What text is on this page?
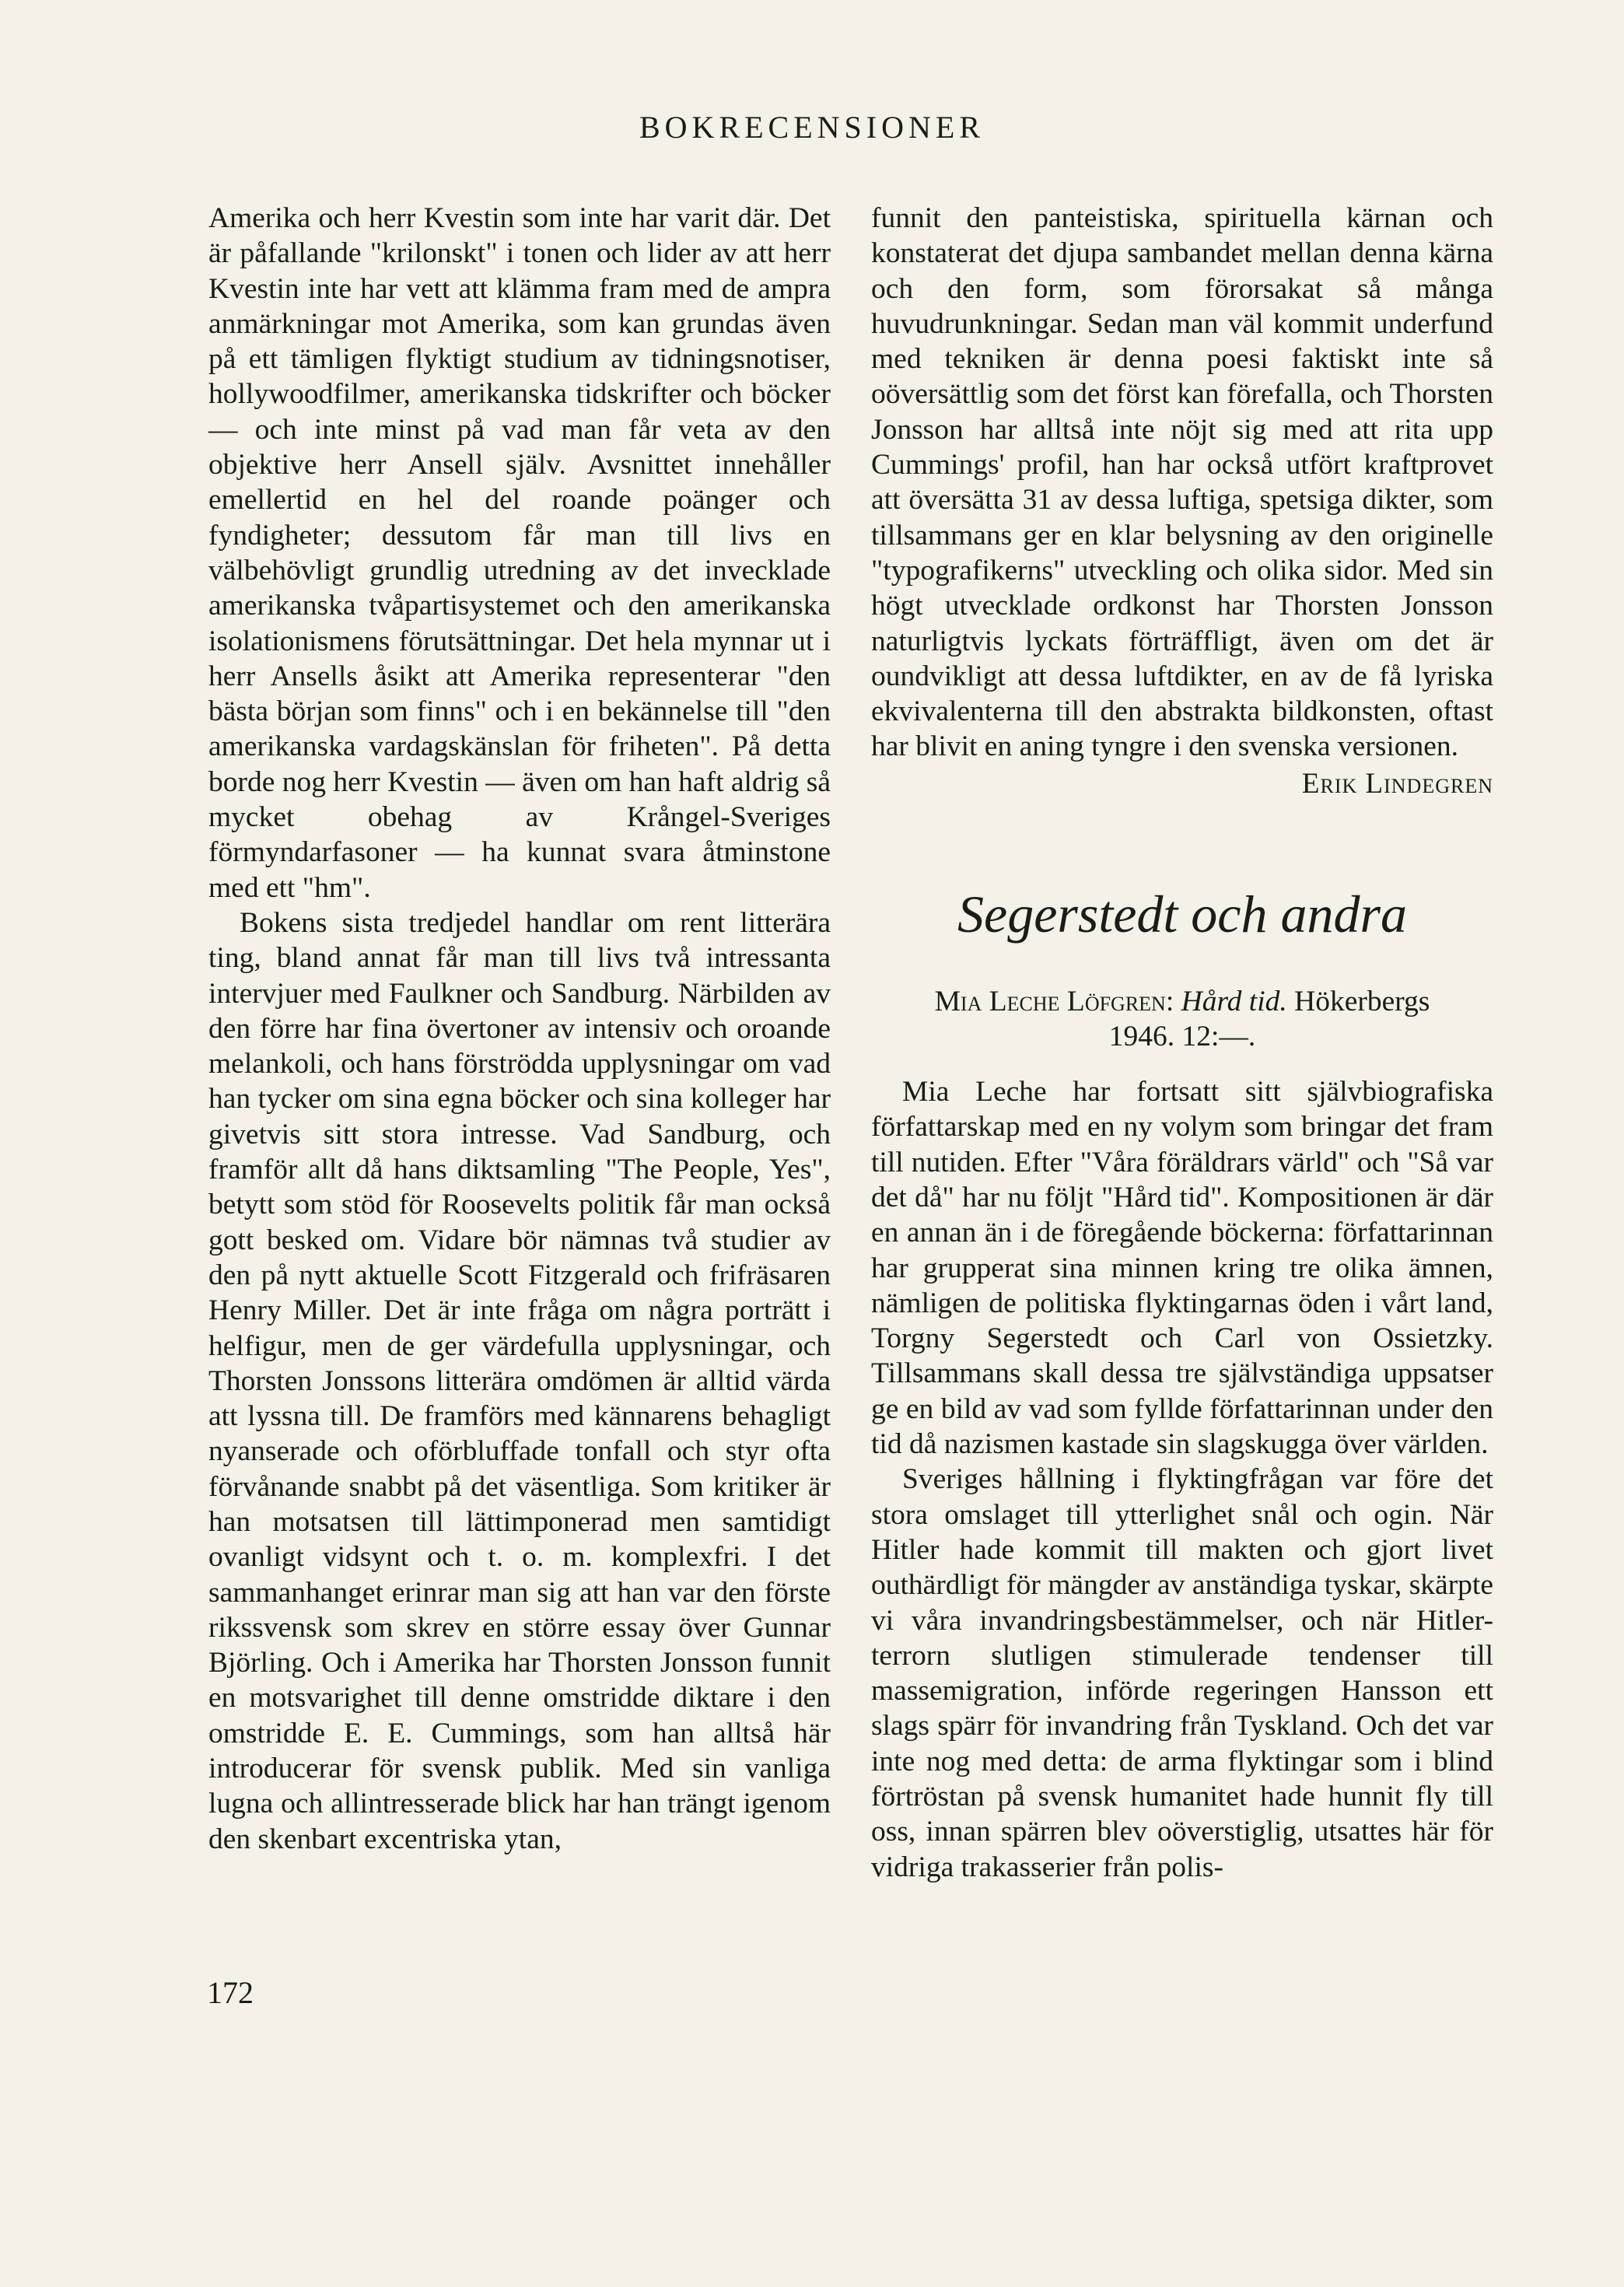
BOKRECENSIONER

Amerika och herr Kvestin som inte har varit där. Det är påfallande "krilonskt" i tonen och lider av att herr Kvestin inte har vett att klämma fram med de ampra anmärkningar mot Amerika, som kan grundas även på ett tämligen flyktigt studium av tidningsnotiser, hollywoodfilmer, amerikanska tidskrifter och böcker — och inte minst på vad man får veta av den objektive herr Ansell själv. Avsnittet innehåller emellertid en hel del roande poänger och fyndigheter; dessutom får man till livs en välbehövligt grundlig utredning av det invecklade amerikanska tvåpartisystemet och den amerikanska isolationismens förutsättningar. Det hela mynnar ut i herr Ansells åsikt att Amerika representerar "den bästa början som finns" och i en bekännelse till "den amerikanska vardagskänslan för friheten". På detta borde nog herr Kvestin — även om han haft aldrig så mycket obehag av Krångel-Sveriges förmyndarfasoner — ha kunnat svara åtminstone med ett "hm".

Bokens sista tredjedel handlar om rent litterära ting, bland annat får man till livs två intressanta intervjuer med Faulkner och Sandburg. Närbilden av den förre har fina övertoner av intensiv och oroande melankoli, och hans förströdda upplysningar om vad han tycker om sina egna böcker och sina kolleger har givetvis sitt stora intresse. Vad Sandburg, och framför allt då hans diktsamling "The People, Yes", betytt som stöd för Roosevelts politik får man också gott besked om. Vidare bör nämnas två studier av den på nytt aktuelle Scott Fitzgerald och frifräsaren Henry Miller. Det är inte fråga om några porträtt i helfigur, men de ger värdefulla upplysningar, och Thorsten Jonssons litterära omdömen är alltid värda att lyssna till. De framförs med kännarens behagligt nyanserade och oförbluffade tonfall och styr ofta förvånande snabbt på det väsentliga. Som kritiker är han motsatsen till lättimponerad men samtidigt ovanligt vidsynt och t. o. m. komplexfri. I det sammanhanget erinrar man sig att han var den förste rikssvensk som skrev en större essay över Gunnar Björling. Och i Amerika har Thorsten Jonsson funnit en motsvarighet till denne omstridde diktare i den omstridde E. E. Cummings, som han alltså här introducerar för svensk publik. Med sin vanliga lugna och allintresserade blick har han trängt igenom den skenbart excentriska ytan,

funnit den panteistiska, spirituella kärnan och konstaterat det djupa sambandet mellan denna kärna och den form, som förorsakat så många huvudrunkningar. Sedan man väl kommit underfund med tekniken är denna poesi faktiskt inte så oöversättlig som det först kan förefalla, och Thorsten Jonsson har alltså inte nöjt sig med att rita upp Cummings' profil, han har också utfört kraftprovet att översätta 31 av dessa luftiga, spetsiga dikter, som tillsammans ger en klar belysning av den originelle "typografikerns" utveckling och olika sidor. Med sin högt utvecklade ordkonst har Thorsten Jonsson naturligtvis lyckats förträffligt, även om det är oundvikligt att dessa luftdikter, en av de få lyriska ekvivalenterna till den abstrakta bildkonsten, oftast har blivit en aning tyngre i den svenska versionen.

Erik Lindegren
Segerstedt och andra
Mia Leche Löfgren: Hård tid. Hökerbergs
1946. 12:—.

Mia Leche har fortsatt sitt självbiografiska författarskap med en ny volym som bringar det fram till nutiden. Efter "Våra föräldrars värld" och "Så var det då" har nu följt "Hård tid". Kompositionen är där en annan än i de föregående böckerna: författarinnan har grupperat sina minnen kring tre olika ämnen, nämligen de politiska flyktingarnas öden i vårt land, Torgny Segerstedt och Carl von Ossietzky. Tillsammans skall dessa tre självständiga uppsatser ge en bild av vad som fyllde författarinnan under den tid då nazismen kastade sin slagskugga över världen.

Sveriges hållning i flyktingfrågan var före det stora omslaget till ytterlighet snål och ogin. När Hitler hade kommit till makten och gjort livet outhärdligt för mängder av anständiga tyskar, skärpte vi våra invandringsbestämmelser, och när Hitler-terrorn slutligen stimulerade tendenser till massemigration, införde regeringen Hansson ett slags spärr för invandring från Tyskland. Och det var inte nog med detta: de arma flyktingar som i blind förtröstan på svensk humanitet hade hunnit fly till oss, innan spärren blev oöverstiglig, utsattes här för vidriga trakasserier från polis-

172
